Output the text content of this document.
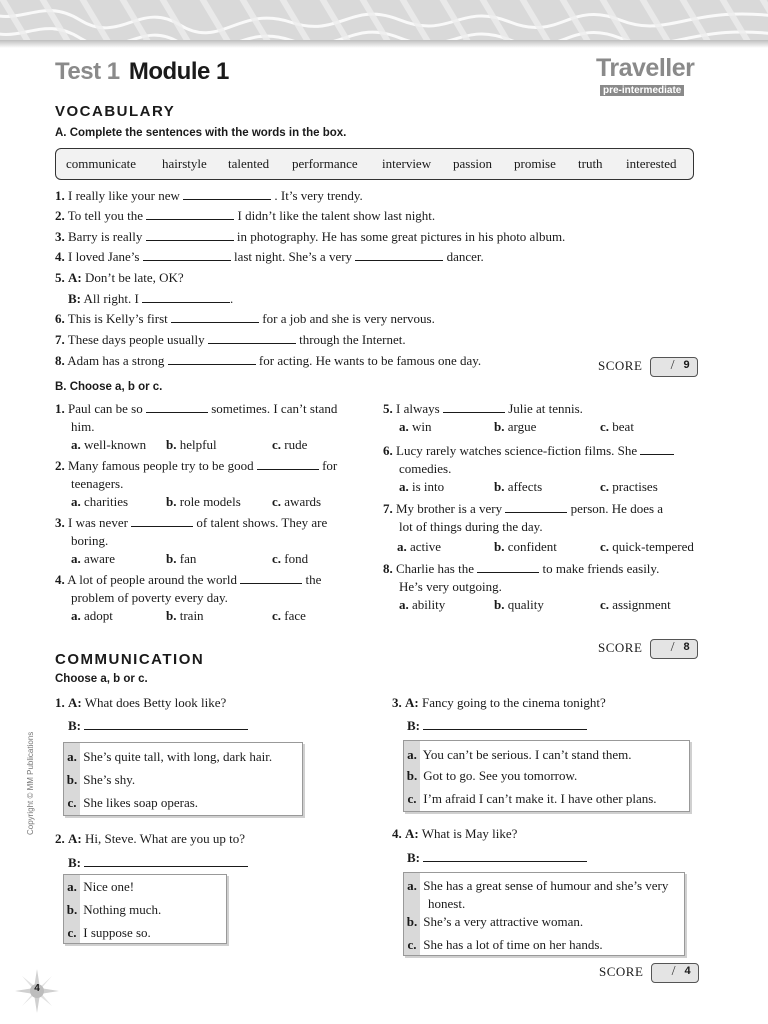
Test 1 Module 1	Traveller
pre-intermediate
VOCABULARY
A. Complete the sentences with the words in the box.
communicate hairstyle talented performance interview passion promise truth interested
1. I really like your new	. It’s very trendy.
2. To tell you the	I didn’t like the talent show last night.
3. Barry is really	in photography. He has some great pictures in his photo album.
4. I loved Jane’s	last night. She’s a very	dancer.
5. A: Don’t be late, OK?
B: All right. I	.
6. This is Kelly’s first	for a job and she is very nervous.
7. These days people usually	through the Internet.
8. Adam has a strong	for acting. He wants to be famous one day.	SCORE / 9
B. Choose a, b or c.
1. Paul can be so	sometimes. I can’t stand
him.
a. well-known b. helpful	c. rude
2. Many famous people try to be good	for
teenagers.
a. charities	b. role models c. awards
3. I was never	of talent shows. They are
boring.
a. aware	b. fan	c. fond
4. A lot of people around the world	the
problem of poverty every day.
a. adopt	b. train	c. face
5. I always	Julie at tennis.
a. win	b. argue	c. beat
6. Lucy rarely watches science-fiction films. She
comedies.
a. is into	b. affects	c. practises
7. My brother is a very	person. He does a
lot of things during the day.
a. active	b. confident	c. quick-tempered
8. Charlie has the	to make friends easily.
He’s very outgoing.
a. ability	b. quality	c. assignment
SCORE / 8
COMMUNICATION
Choose a, b or c.
1. A: What does Betty look like?
B:
a. She’s quite tall, with long, dark hair.
b. She’s shy.
c. She likes soap operas.
2. A: Hi, Steve. What are you up to?
B:
a. Nice one!
b. Nothing much.
c. I suppose so.
3. A: Fancy going to the cinema tonight?
B:
a. You can’t be serious. I can’t stand them.
b. Got to go. See you tomorrow.
c. I’m afraid I can’t make it. I have other plans.
4. A: What is May like?
B:
a. She has a great sense of humour and she’s very
honest.
b. She’s a very attractive woman.
c. She has a lot of time on her hands.
SCORE / 4
Copyright © MM Publications
4
